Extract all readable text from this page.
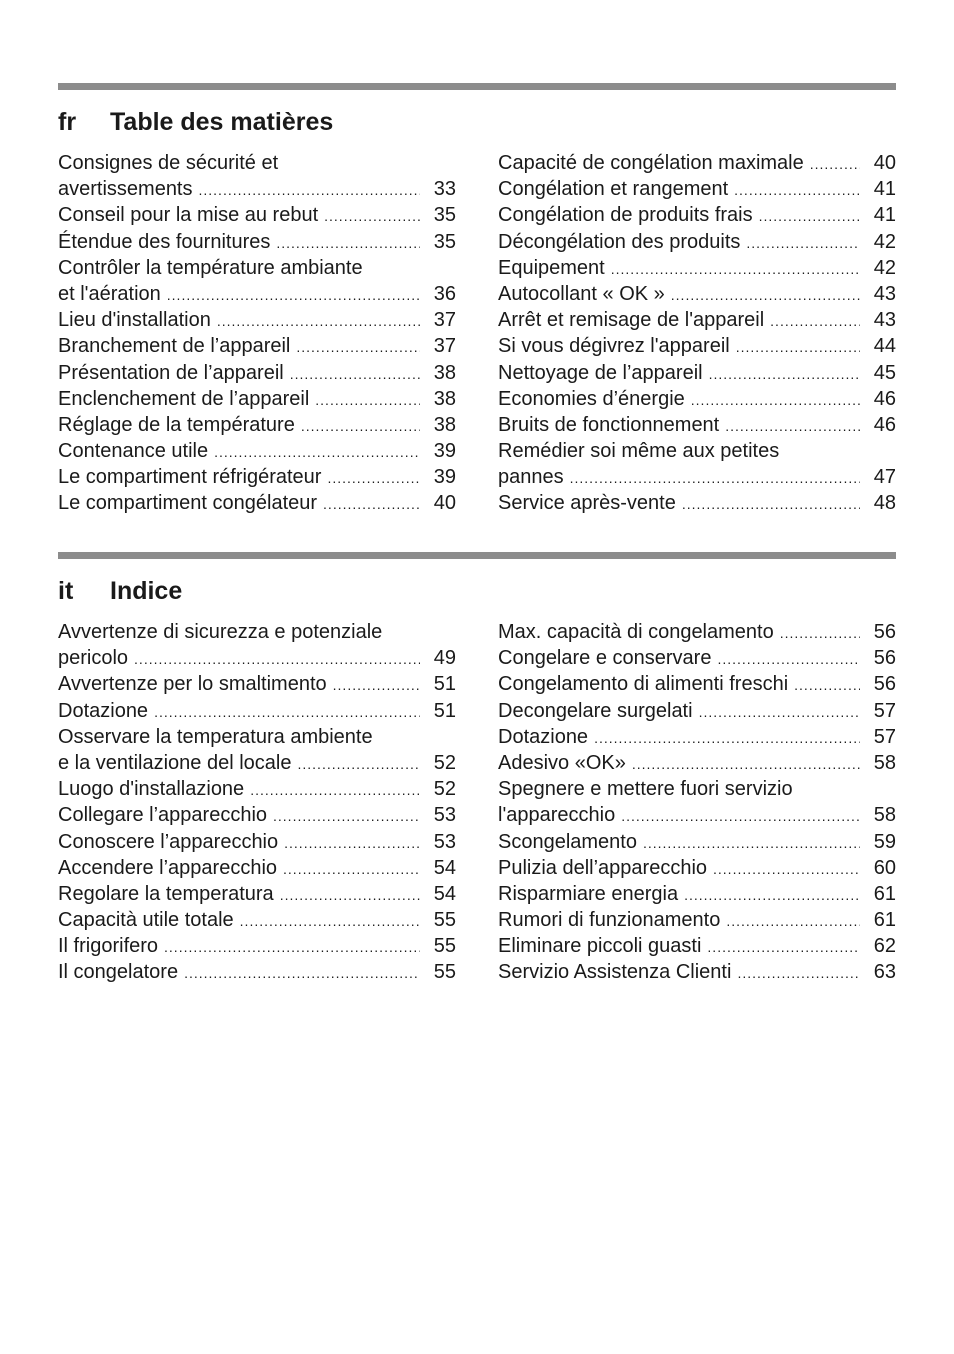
fr Table des matières
Consignes de sécurité et
avertissements .....	33
Conseil pour la mise au rebut .....	35
Étendue des fournitures .....	35
Contrôler la température ambiante
et l'aération .....	36
Lieu d'installation .....	37
Branchement de l’appareil .....	37
Présentation de l’appareil .....	38
Enclenchement de l’appareil .....	38
Réglage de la température .....	38
Contenance utile .....	39
Le compartiment réfrigérateur .....	39
Le compartiment congélateur .....	40
Capacité de congélation maximale .....	40
Congélation et rangement .....	41
Congélation de produits frais .....	41
Décongélation des produits .....	42
Equipement .....	42
Autocollant « OK » .....	43
Arrêt et remisage de l'appareil .....	43
Si vous dégivrez l'appareil .....	44
Nettoyage de l’appareil .....	45
Economies d’énergie .....	46
Bruits de fonctionnement .....	46
Remédier soi même aux petites
pannes .....	47
Service après-vente .....	48
it Indice
Avvertenze di sicurezza e potenziale
pericolo .....	49
Avvertenze per lo smaltimento .....	51
Dotazione .....	51
Osservare la temperatura ambiente
e la ventilazione del locale .....	52
Luogo d'installazione .....	52
Collegare l’apparecchio .....	53
Conoscere l’apparecchio .....	53
Accendere l’apparecchio .....	54
Regolare la temperatura .....	54
Capacità utile totale .....	55
Il frigorifero .....	55
Il congelatore .....	55
Max. capacità di congelamento .....	56
Congelare e conservare .....	56
Congelamento di alimenti freschi .....	56
Decongelare surgelati .....	57
Dotazione .....	57
Adesivo «OK» .....	58
Spegnere e mettere fuori servizio
l'apparecchio .....	58
Scongelamento .....	59
Pulizia dell’apparecchio .....	60
Risparmiare energia .....	61
Rumori di funzionamento .....	61
Eliminare piccoli guasti .....	62
Servizio Assistenza Clienti .....	63
